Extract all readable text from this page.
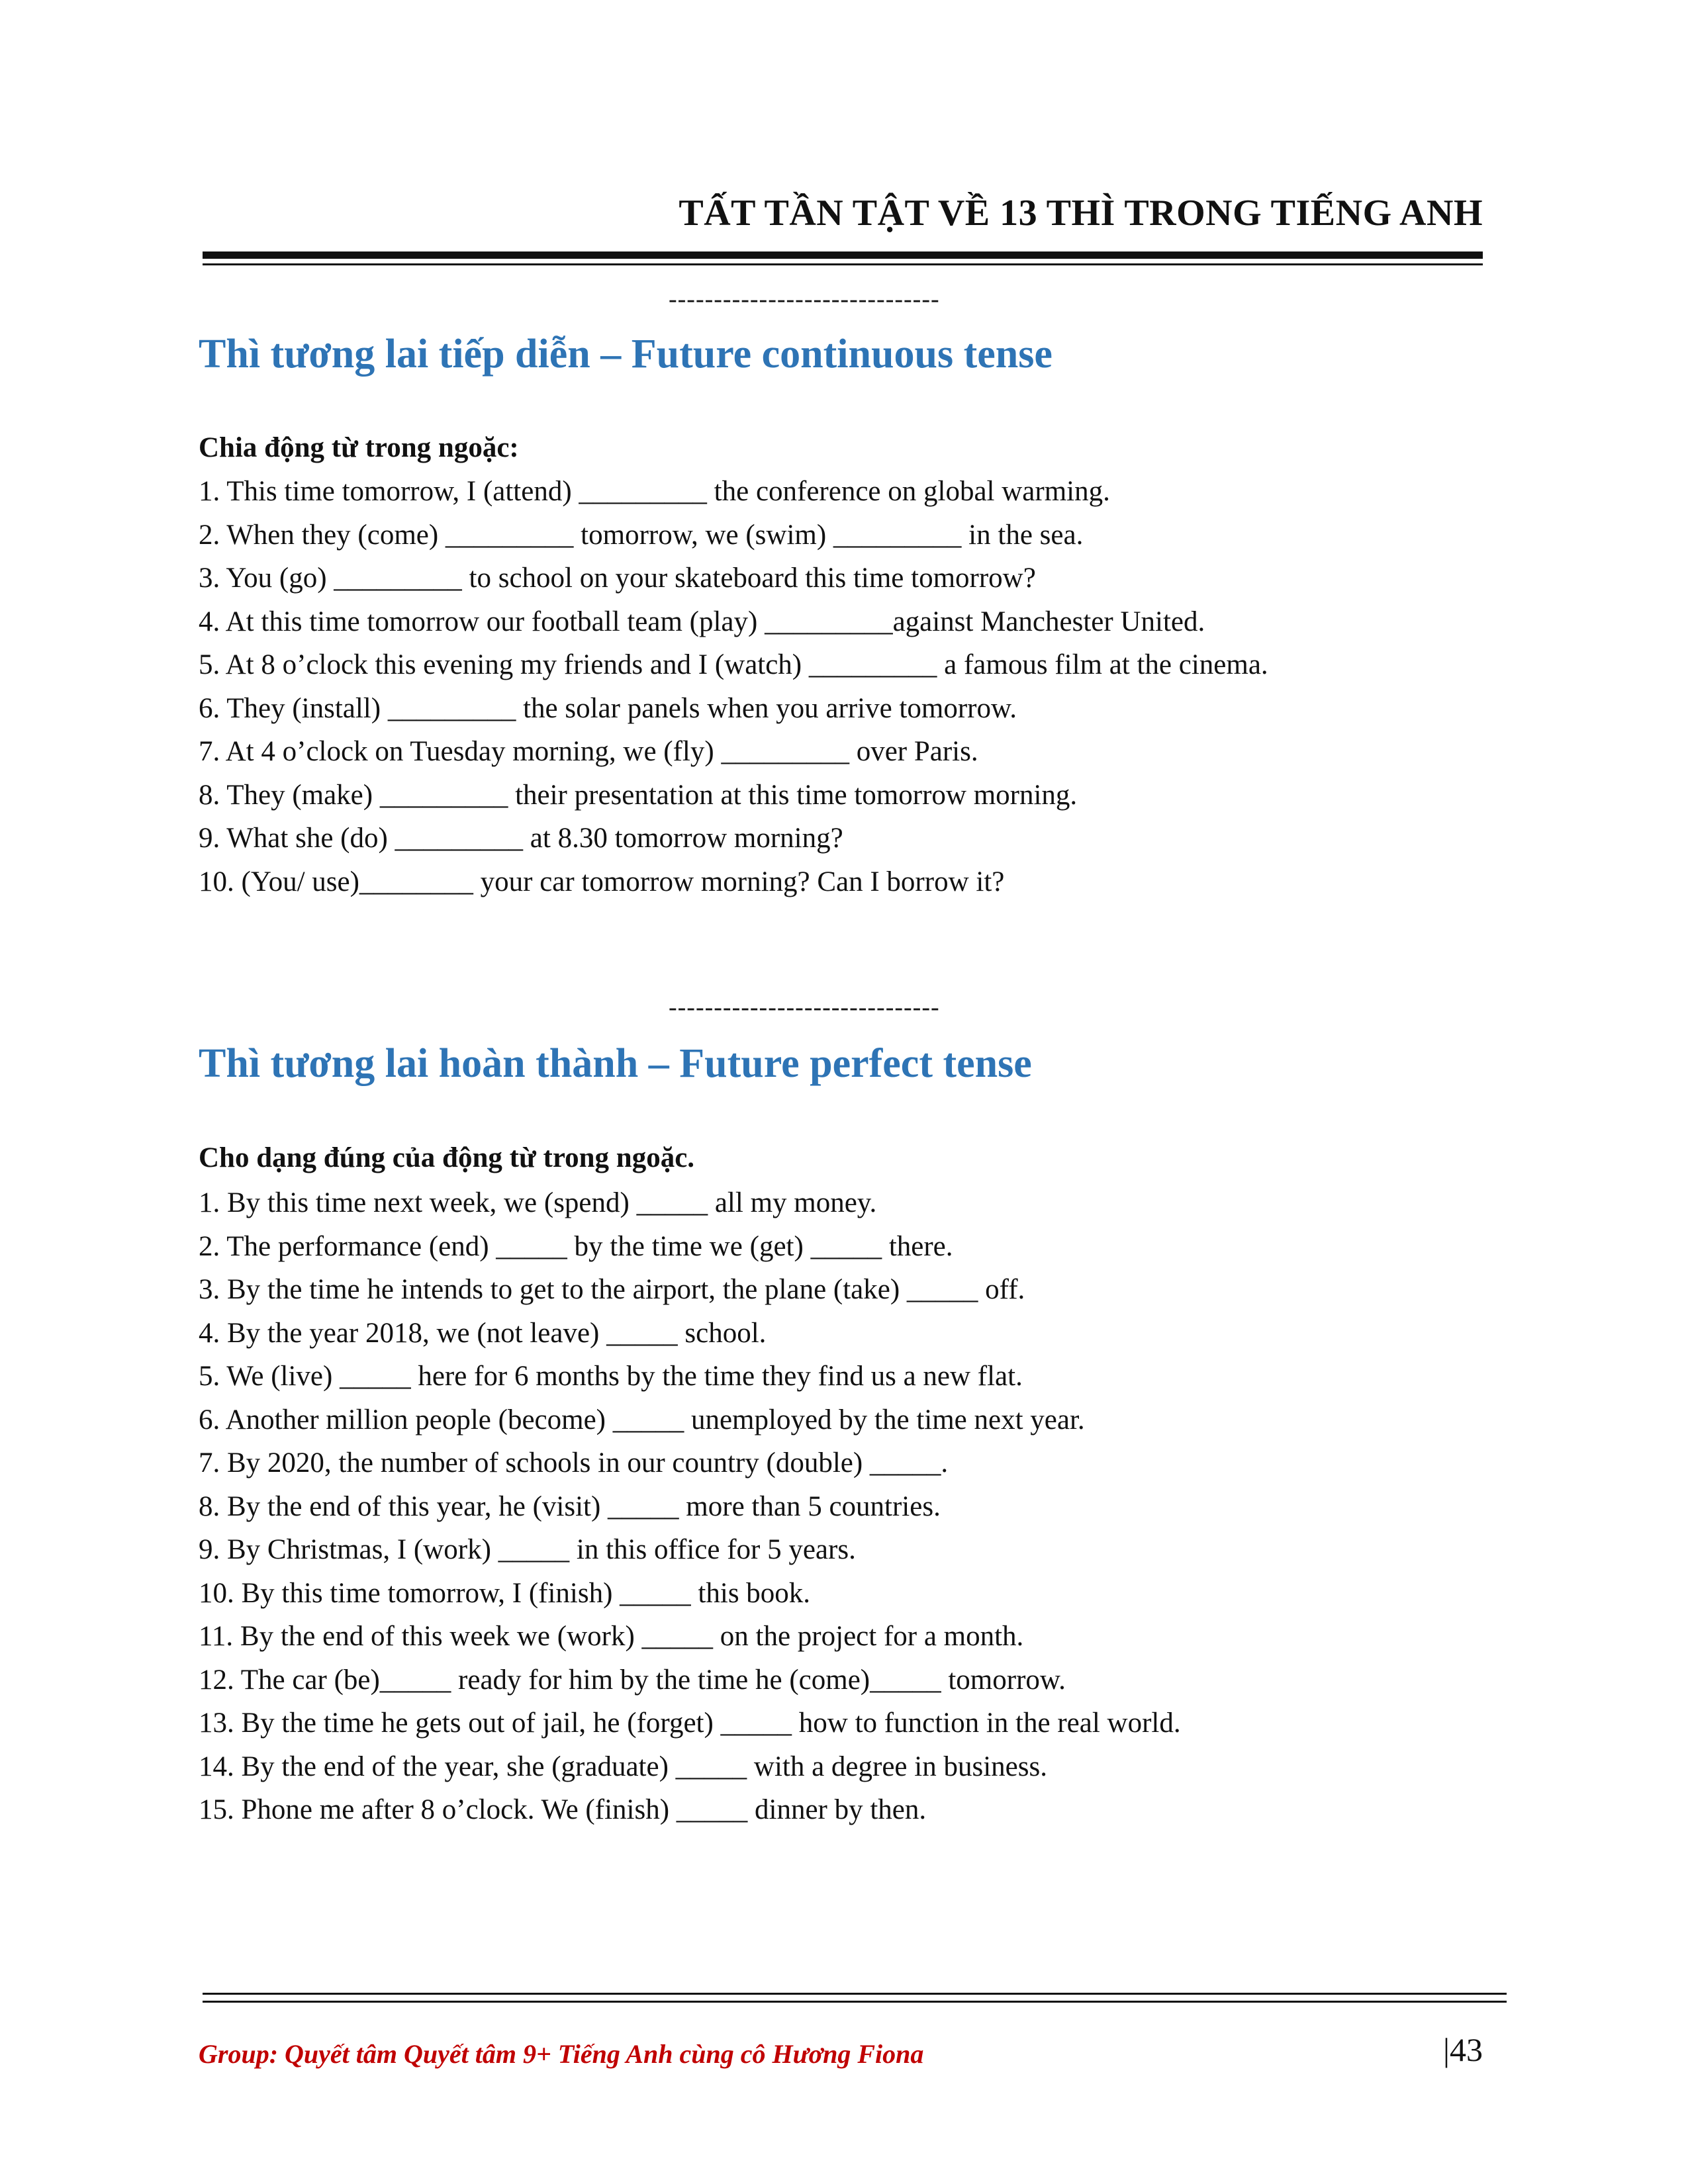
TẤT TẦN TẬT VỀ 13 THÌ TRONG TIẾNG ANH
------------------------------
Thì tương lai tiếp diễn – Future continuous tense
Chia động từ trong ngoặc:
1. This time tomorrow, I (attend) _________ the conference on global warming.
2. When they (come) _________ tomorrow, we (swim) _________ in the sea.
3. You (go) _________ to school on your skateboard this time tomorrow?
4. At this time tomorrow our football team (play) _________against Manchester United.
5. At 8 o’clock this evening my friends and I (watch) _________ a famous film at the cinema.
6. They (install) _________ the solar panels when you arrive tomorrow.
7. At 4 o’clock on Tuesday morning, we (fly) _________ over Paris.
8. They (make) _________ their presentation at this time tomorrow morning.
9. What she (do) _________ at 8.30 tomorrow morning?
10. (You/ use)________ your car tomorrow morning? Can I borrow it?
------------------------------
Thì tương lai hoàn thành – Future perfect tense
Cho dạng đúng của động từ trong ngoặc.
1. By this time next week, we (spend) _____ all my money.
2. The performance (end) _____ by the time we (get) _____ there.
3. By the time he intends to get to the airport, the plane (take) _____ off.
4. By the year 2018, we (not leave) _____ school.
5. We (live) _____ here for 6 months by the time they find us a new flat.
6. Another million people (become) _____ unemployed by the time next year.
7. By 2020, the number of schools in our country (double) _____.
8. By the end of this year, he (visit) _____ more than 5 countries.
9. By Christmas, I (work) _____ in this office for 5 years.
10. By this time tomorrow, I (finish) _____ this book.
11. By the end of this week we (work) _____ on the project for a month.
12. The car (be)_____ ready for him by the time he (come)_____ tomorrow.
13. By the time he gets out of jail, he (forget) _____ how to function in the real world.
14. By the end of the year, she (graduate) _____ with a degree in business.
15. Phone me after 8 o’clock. We (finish) _____ dinner by then.
Group: Quyết tâm Quyết tâm 9+ Tiếng Anh cùng cô Hương Fiona	|43
